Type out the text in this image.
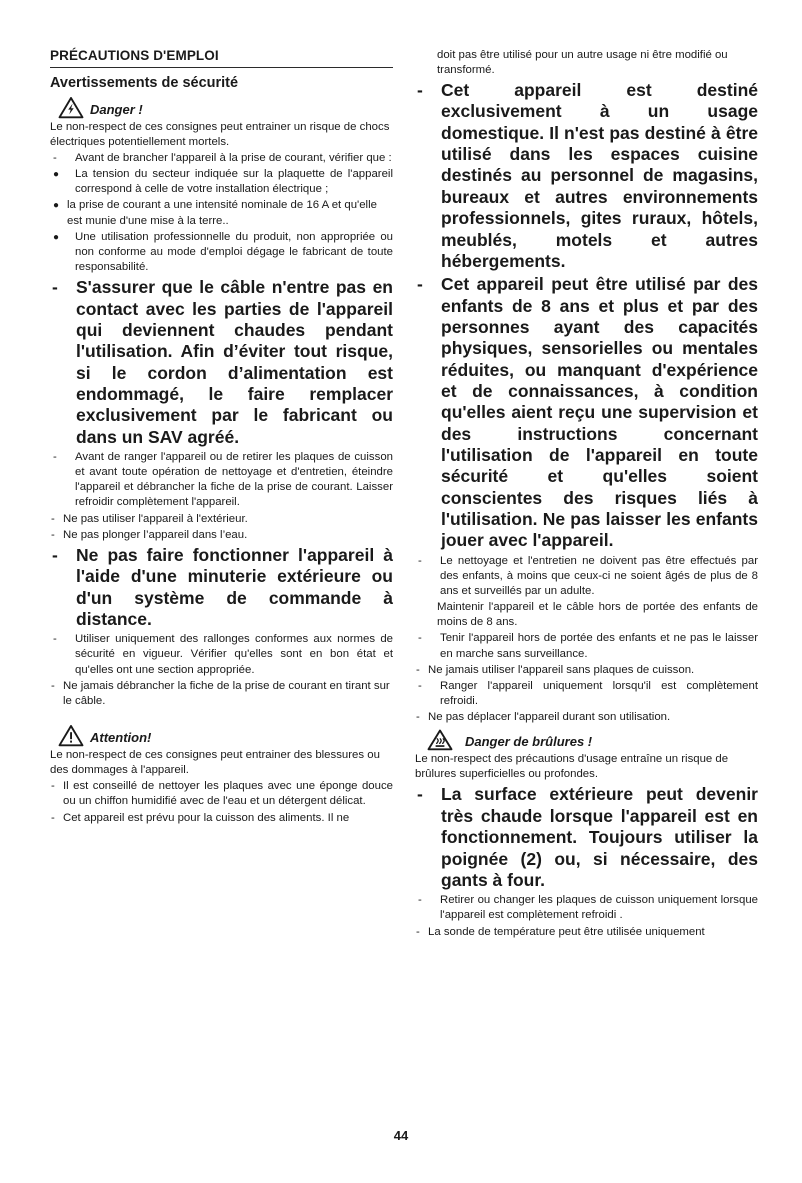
PRÉCAUTIONS D'EMPLOI
Avertissements de sécurité
Danger !

Le non-respect de ces consignes peut entrainer un risque de chocs électriques potentiellement mortels.

-	Avant de brancher l'appareil à la prise de courant, vérifier que :
●	La tension du secteur indiquée sur la plaquette de l'appareil correspond à celle de votre installation électrique ;
● la prise de courant a une intensité nominale de 16 A et qu'elle est munie d'une mise à la terre..
●	Une utilisation professionnelle du produit, non appropriée ou non conforme au mode d'emploi dégage le fabricant de toute responsabilité.
-	S'assurer que le câble n'entre pas en contact avec les parties de l'appareil qui deviennent chaudes pendant l'utilisation. Afin d’éviter tout risque, si le cordon d’alimentation est endommagé, le faire remplacer exclusivement par le fabricant ou dans un SAV agréé.
-	Avant de ranger l'appareil ou de retirer les plaques de cuisson et avant toute opération de nettoyage et d'entretien, éteindre l'appareil et débrancher la fiche de la prise de courant. Laisser refroidir complètement l'appareil.
- Ne pas utiliser l'appareil à l'extérieur.
- Ne pas plonger l’appareil dans l’eau.
-	Ne pas faire fonctionner l'appareil à l'aide d'une minuterie extérieure ou d'un système de commande à distance.
-	Utiliser uniquement des rallonges conformes aux normes de sécurité en vigueur. Vérifier qu'elles sont en bon état et qu'elles ont une section appropriée.
- Ne jamais débrancher la fiche de la prise de courant en tirant sur le câble.
Attention!

Le non-respect de ces consignes peut entrainer des blessures ou des dommages à l'appareil.

- Il est conseillé de nettoyer les plaques avec une éponge douce ou un chiffon humidifié avec de l'eau et un détergent délicat.
- Cet appareil est prévu pour la cuisson des aliments. Il ne

doit pas être utilisé pour un autre usage ni être modifié ou transformé.

-	Cet appareil est destiné exclusivement à un usage domestique. Il n'est pas destiné à être utilisé dans les espaces cuisine destinés au personnel de magasins, bureaux et autres environnements professionnels, gites ruraux, hôtels, meublés, motels et autres hébergements.
-	Cet appareil peut être utilisé par des enfants de 8 ans et plus et par des personnes ayant des capacités physiques, sensorielles ou mentales réduites, ou manquant d'expérience et de connaissances, à condition qu'elles aient reçu une supervision et des instructions concernant l'utilisation de l'appareil en toute sécurité et qu'elles soient conscientes des risques liés à l'utilisation. Ne pas laisser les enfants jouer avec l'appareil.
-	Le nettoyage et l'entretien ne doivent pas être effectués par des enfants, à moins que ceux-ci ne soient âgés de plus de 8 ans et surveillés par un adulte.
Maintenir l'appareil et le câble hors de portée des enfants de moins de 8 ans.
-	Tenir l'appareil hors de portée des enfants et ne pas le laisser en marche sans surveillance.
- Ne jamais utiliser l'appareil sans plaques de cuisson.
-	Ranger l'appareil uniquement lorsqu'il est complètement refroidi.
- Ne pas déplacer l'appareil durant son utilisation.
Danger de brûlures !

Le non-respect des précautions d'usage entraîne un risque de brûlures superficielles ou profondes.

-	La surface extérieure peut devenir très chaude lorsque l'appareil est en fonctionnement. Toujours utiliser la poignée (2) ou, si nécessaire, des gants à four.
-	Retirer ou changer les plaques de cuisson uniquement lorsque l'appareil est complètement refroidi .
- La sonde de température peut être utilisée uniquement
44
